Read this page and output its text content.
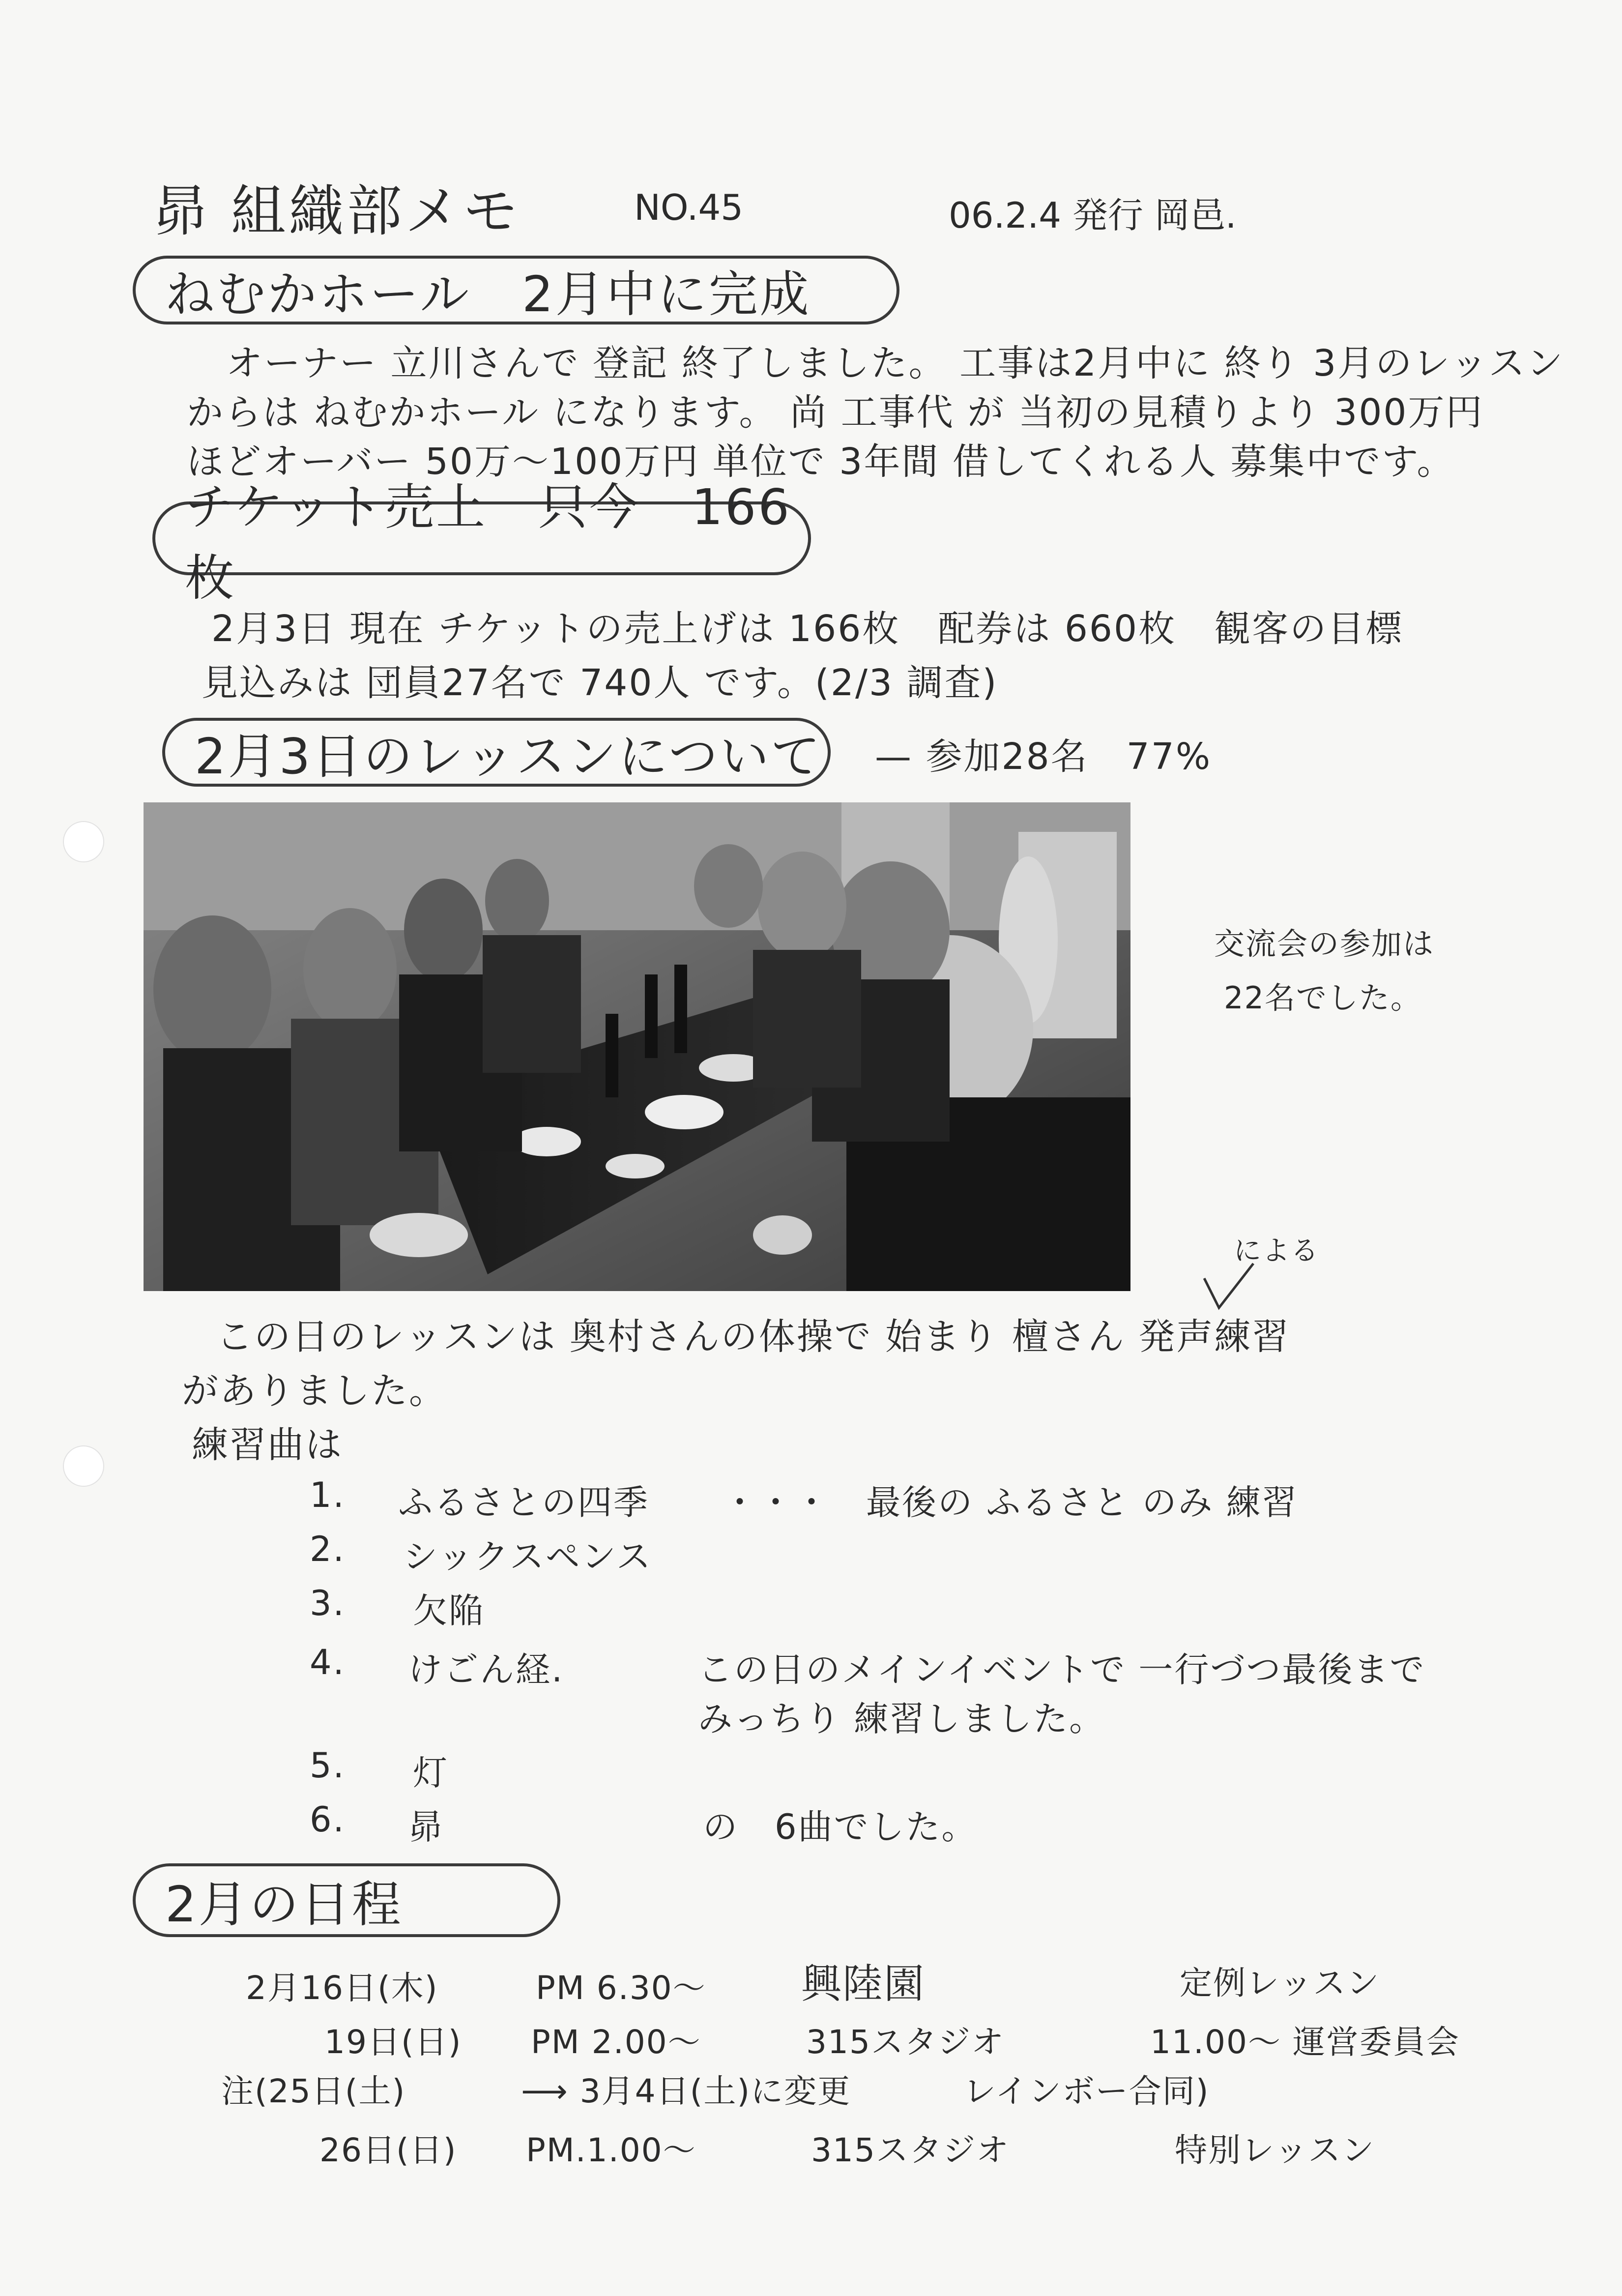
昴 組織部メモ	NO.45	06.2.4 発行 岡邑.
ねむかホール　2月中に完成
オーナー 立川さんで 登記 終了しました。 工事は2月中に 終り 3月のレッスン
からは ねむかホール になります。 尚 工事代 が 当初の見積りより 300万円
ほどオーバー 50万〜100万円 単位で 3年間 借してくれる人 募集中です。
チケット売上　只今　166枚
2月3日 現在 チケットの売上げは 166枚　配券は 660枚　観客の目標
見込みは 団員27名で 740人 です。(2/3 調査)
2月3日のレッスンについて — 参加28名　77%
交流会の参加は
22名でした。
による
この日のレッスンは 奥村さんの体操で 始まり 檀さん 発声練習
がありました。
練習曲は
1. ふるさとの四季 ・・・　最後の ふるさと のみ 練習
2. シックスペンス
3. 欠陥
4. けごん経.	この日のメインイベントで 一行づつ最後まで
みっちり 練習しました。
5. 灯
6. 昴	の　6曲でした。
2月の日程
2月16日(木)	PM 6.30〜 興陸園	定例レッスン
19日(日) PM 2.00〜	315スタジオ	11.00〜 運営委員会
注(25日(土)	⟶ 3月4日(土)に変更	レインボー合同)
26日(日) PM.1.00〜	315スタジオ	特別レッスン
